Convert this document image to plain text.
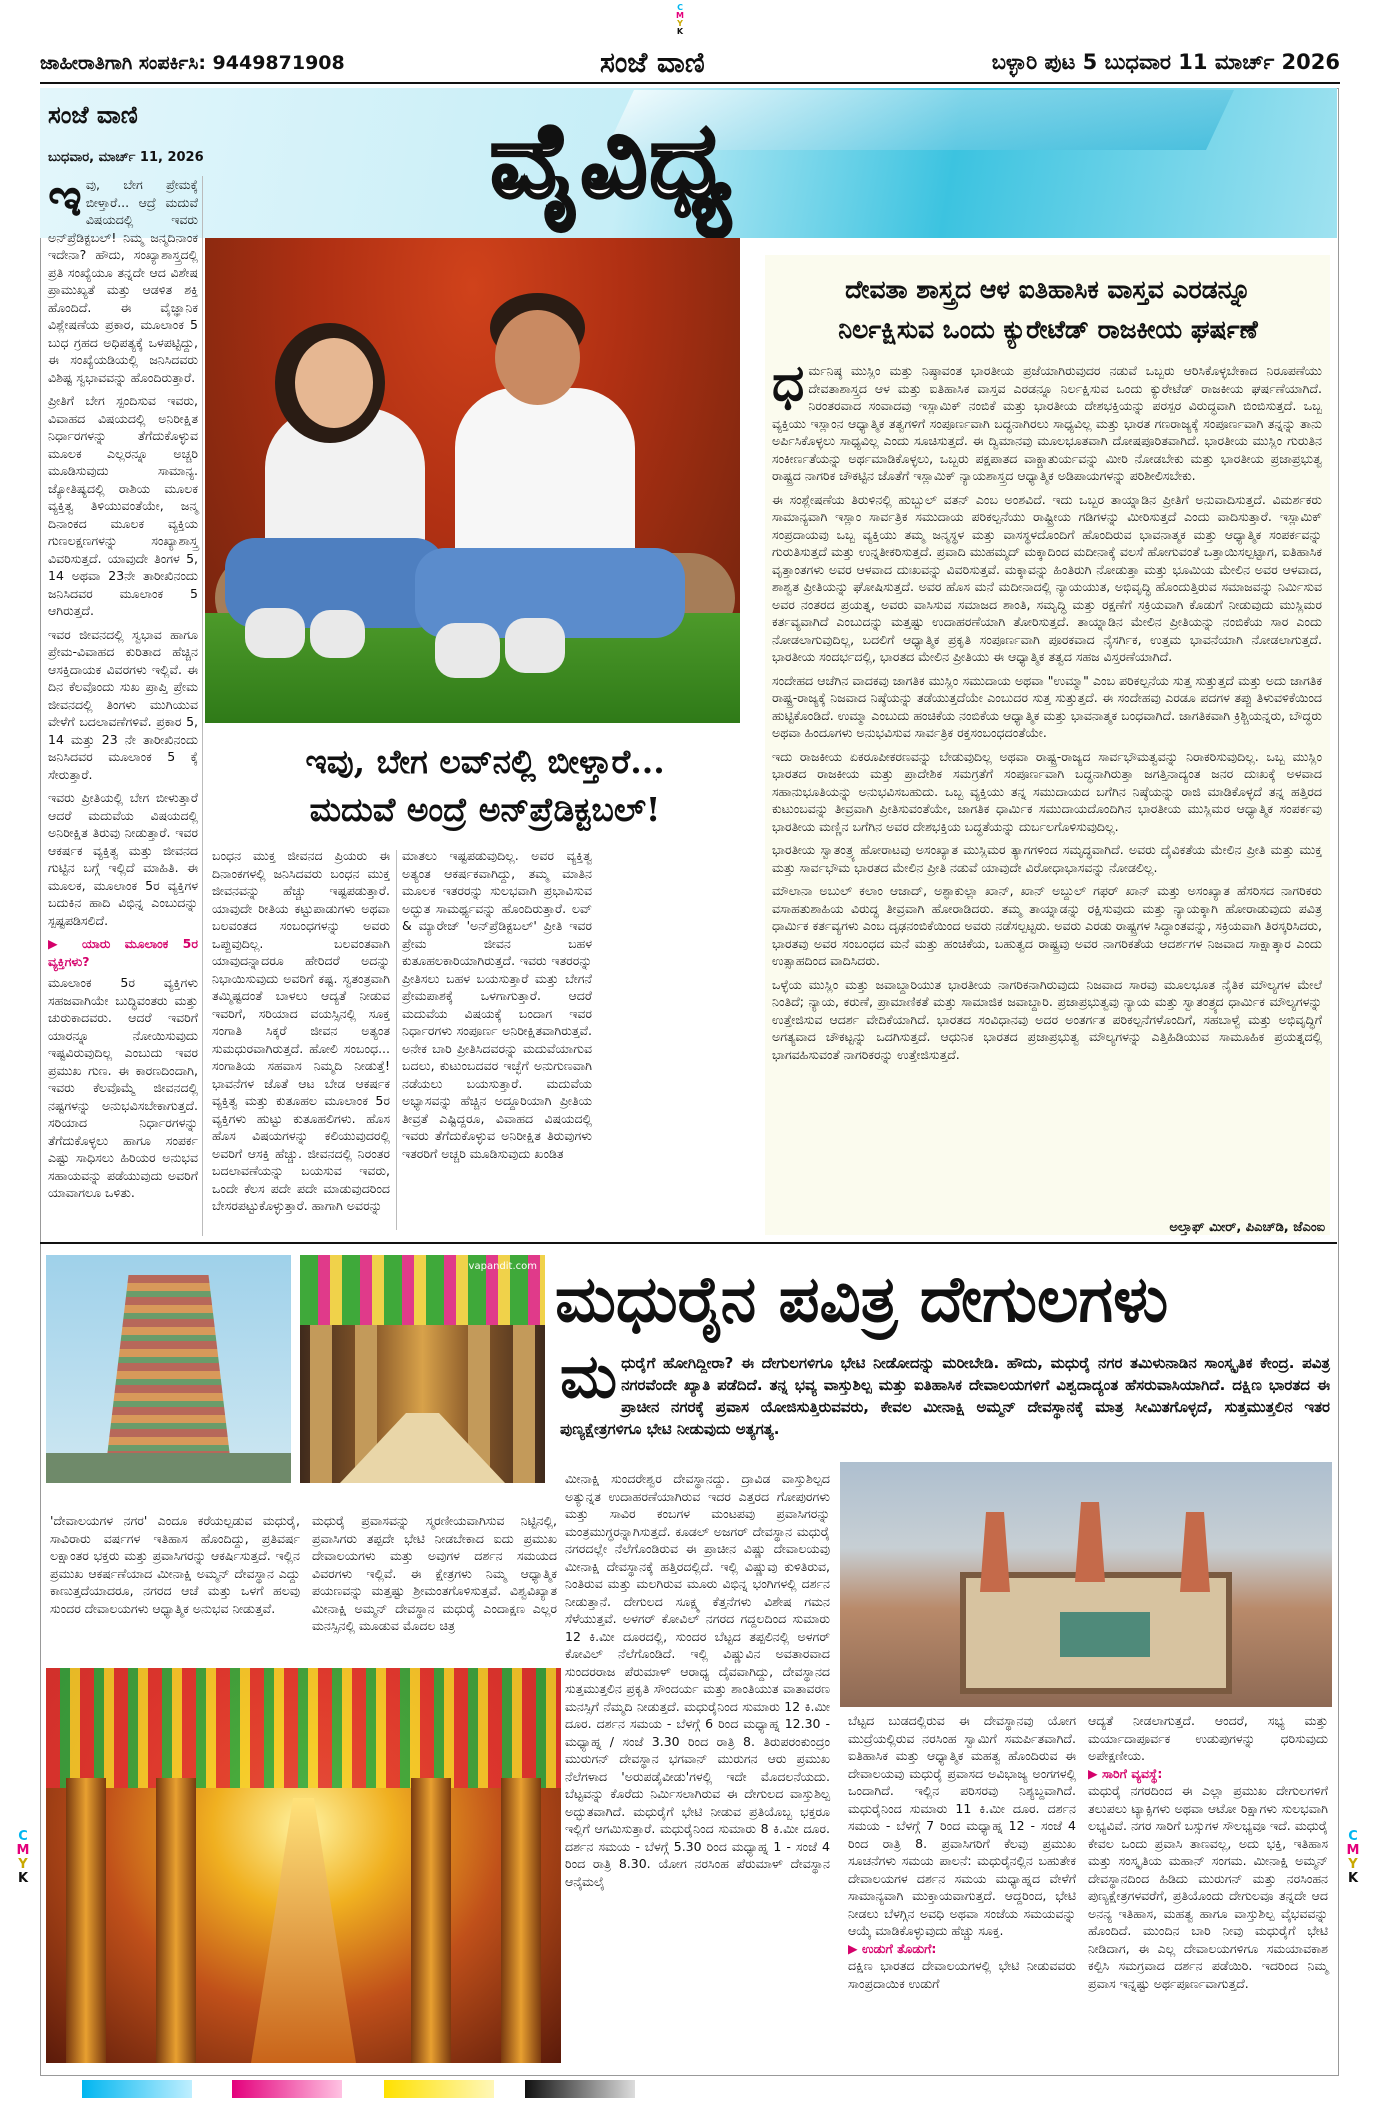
C
M
Y
K
ಜಾಹೀರಾತಿಗಾಗಿ ಸಂಪರ್ಕಿಸಿ: 9449871908	ಸಂಜೆ ವಾಣಿ	ಬಳ್ಳಾರಿ ಪುಟ 5 ಬುಧವಾರ 11 ಮಾರ್ಚ್ 2026
ಸಂಜೆ ವಾಣಿ
ಬುಧವಾರ, ಮಾರ್ಚ್ 11, 2026	ವೈವಿಧ್ಯ
ಇ ವು, ಬೇಗ ಪ್ರೇಮಕ್ಕೆ ಬೀಳ್ತಾರೆ... ಆದ್ರೆ ಮದುವೆ ವಿಷಯದಲ್ಲಿ ಇವರು ಅನ್‌ಪ್ರೆಡಿಕ್ಟಬಲ್! ನಿಮ್ಮ ಜನ್ಮದಿನಾಂಕ ಇದೇನಾ? ಹೌದು, ಸಂಖ್ಯಾಶಾಸ್ತ್ರದಲ್ಲಿ ಪ್ರತಿ ಸಂಖ್ಯೆಯೂ ತನ್ನದೇ ಆದ ವಿಶೇಷ ಪ್ರಾಮುಖ್ಯತೆ ಮತ್ತು ಆಡಳಿತ ಶಕ್ತಿ ಹೊಂದಿದೆ. ಈ ವೈಜ್ಞಾನಿಕ ವಿಶ್ಲೇಷಣೆಯ ಪ್ರಕಾರ, ಮೂಲಾಂಕ 5 ಬುಧ ಗ್ರಹದ ಅಧಿಪತ್ಯಕ್ಕೆ ಒಳಪಟ್ಟಿದ್ದು, ಈ ಸಂಖ್ಯೆಯಡಿಯಲ್ಲಿ ಜನಿಸಿದವರು ವಿಶಿಷ್ಟ ಸ್ವಭಾವವನ್ನು ಹೊಂದಿರುತ್ತಾರೆ.

ಪ್ರೀತಿಗೆ ಬೇಗ ಸ್ಪಂದಿಸುವ ಇವರು, ವಿವಾಹದ ವಿಷಯದಲ್ಲಿ ಅನಿರೀಕ್ಷಿತ ನಿರ್ಧಾರಗಳನ್ನು ತೆಗೆದುಕೊಳ್ಳುವ ಮೂಲಕ ಎಲ್ಲರನ್ನೂ ಅಚ್ಚರಿ ಮೂಡಿಸುವುದು ಸಾಮಾನ್ಯ. ಜ್ಯೋತಿಷ್ಯದಲ್ಲಿ ರಾಶಿಯ ಮೂಲಕ ವ್ಯಕ್ತಿತ್ವ ತಿಳಿಯುವಂತೆಯೇ, ಜನ್ಮ ದಿನಾಂಕದ ಮೂಲಕ ವ್ಯಕ್ತಿಯ ಗುಣಲಕ್ಷಣಗಳನ್ನು ಸಂಖ್ಯಾಶಾಸ್ತ್ರ ವಿವರಿಸುತ್ತದೆ. ಯಾವುದೇ ತಿಂಗಳ 5, 14 ಅಥವಾ 23ನೇ ತಾರೀಖಿನಂದು ಜನಿಸಿದವರ ಮೂಲಾಂಕ 5 ಆಗಿರುತ್ತದೆ.

ಇವರ ಜೀವನದಲ್ಲಿ ಸ್ವಭಾವ ಹಾಗೂ ಪ್ರೇಮ-ವಿವಾಹದ ಕುರಿತಾದ ಹೆಚ್ಚಿನ ಆಸಕ್ತಿದಾಯಕ ವಿವರಗಳು ಇಲ್ಲಿವೆ. ಈ ದಿನ ಕೆಲವೊಂದು ಸುಖ ಪ್ರಾಪ್ತಿ ಪ್ರೇಮ ಜೀವನದಲ್ಲಿ ತಿಂಗಳು ಮುಗಿಯುವ ವೇಳೆಗೆ ಬದಲಾವಣೆಗಳಿವೆ. ಪ್ರಕಾರ 5, 14 ಮತ್ತು 23 ನೇ ತಾರೀಖಿನಂದು ಜನಿಸಿದವರ ಮೂಲಾಂಕ 5 ಕ್ಕೆ ಸೇರುತ್ತಾರೆ.

ಇವರು ಪ್ರೀತಿಯಲ್ಲಿ ಬೇಗ ಬೀಳುತ್ತಾರೆ ಆದರೆ ಮದುವೆಯ ವಿಷಯದಲ್ಲಿ ಅನಿರೀಕ್ಷಿತ ತಿರುವು ನೀಡುತ್ತಾರೆ. ಇವರ ಆಕರ್ಷಕ ವ್ಯಕ್ತಿತ್ವ ಮತ್ತು ಜೀವನದ ಗುಟ್ಟಿನ ಬಗ್ಗೆ ಇಲ್ಲಿದೆ ಮಾಹಿತಿ. ಈ ಮೂಲಕ, ಮೂಲಾಂಕ 5ರ ವ್ಯಕ್ತಿಗಳ ಬದುಕಿನ ಹಾದಿ ವಿಭಿನ್ನ ಎಂಬುದನ್ನು ಸ್ಪಷ್ಟಪಡಿಸಲಿದೆ.

▶ ಯಾರು ಮೂಲಾಂಕ 5ರ ವ್ಯಕ್ತಿಗಳು?

ಮೂಲಾಂಕ 5ರ ವ್ಯಕ್ತಿಗಳು ಸಹಜವಾಗಿಯೇ ಬುದ್ಧಿವಂತರು ಮತ್ತು ಚುರುಕಾದವರು. ಆದರೆ ಇವರಿಗೆ ಯಾರನ್ನೂ ನೋಯಿಸುವುದು ಇಷ್ಟವಿರುವುದಿಲ್ಲ ಎಂಬುದು ಇವರ ಪ್ರಮುಖ ಗುಣ. ಈ ಕಾರಣದಿಂದಾಗಿ, ಇವರು ಕೆಲವೊಮ್ಮೆ ಜೀವನದಲ್ಲಿ ನಷ್ಟಗಳನ್ನು ಅನುಭವಿಸಬೇಕಾಗುತ್ತದೆ. ಸರಿಯಾದ ನಿರ್ಧಾರಗಳನ್ನು ತೆಗೆದುಕೊಳ್ಳಲು ಹಾಗೂ ಸಂಪರ್ಕ ಎಷ್ಟು ಸಾಧಿಸಲು ಹಿರಿಯರ ಅನುಭವ ಸಹಾಯವನ್ನು ಪಡೆಯುವುದು ಅವರಿಗೆ ಯಾವಾಗಲೂ ಒಳಿತು.

ಇವು, ಬೇಗ ಲವ್‌ನಲ್ಲಿ ಬೀಳ್ತಾರೆ...
ಮದುವೆ ಅಂದ್ರೆ ಅನ್‌ಪ್ರೆಡಿಕ್ಟಬಲ್!
ಬಂಧನ ಮುಕ್ತ ಜೀವನದ ಪ್ರಿಯರು ಈ ದಿನಾಂಕಗಳಲ್ಲಿ ಜನಿಸಿದವರು ಬಂಧನ ಮುಕ್ತ ಜೀವನವನ್ನು ಹೆಚ್ಚು ಇಷ್ಟಪಡುತ್ತಾರೆ. ಯಾವುದೇ ರೀತಿಯ ಕಟ್ಟುಪಾಡುಗಳು ಅಥವಾ ಬಲವಂತದ ಸಂಬಂಧಗಳನ್ನು ಅವರು ಒಪ್ಪುವುದಿಲ್ಲ. ಬಲವಂತವಾಗಿ ಯಾವುದನ್ನಾದರೂ ಹೇರಿದರೆ ಅದನ್ನು ನಿಭಾಯಿಸುವುದು ಅವರಿಗೆ ಕಷ್ಟ. ಸ್ವತಂತ್ರವಾಗಿ ತಮ್ಮಿಷ್ಟದಂತೆ ಬಾಳಲು ಆದ್ಯತೆ ನೀಡುವ ಇವರಿಗೆ, ಸರಿಯಾದ ವಯಸ್ಸಿನಲ್ಲಿ ಸೂಕ್ತ ಸಂಗಾತಿ ಸಿಕ್ಕರೆ ಜೀವನ ಅತ್ಯಂತ ಸುಮಧುರವಾಗಿರುತ್ತದೆ. ಹೋಲಿ ಸಂಬಂಧ... ಸಂಗಾತಿಯ ಸಹವಾಸ ನಿಮ್ಮದಿ ನೀಡುತ್ತೆ! ಭಾವನೆಗಳ ಜೊತೆ ಆಟ ಬೇಡ ಆಕರ್ಷಕ ವ್ಯಕ್ತಿತ್ವ ಮತ್ತು ಕುತೂಹಲ ಮೂಲಾಂಕ 5ರ ವ್ಯಕ್ತಿಗಳು ಹುಟ್ಟು ಕುತೂಹಲಿಗಳು. ಹೊಸ ಹೊಸ ವಿಷಯಗಳನ್ನು ಕಲಿಯುವುದರಲ್ಲಿ ಅವರಿಗೆ ಆಸಕ್ತಿ ಹೆಚ್ಚು. ಜೀವನದಲ್ಲಿ ನಿರಂತರ ಬದಲಾವಣೆಯನ್ನು ಬಯಸುವ ಇವರು, ಒಂದೇ ಕೆಲಸ ಪದೇ ಪದೇ ಮಾಡುವುದರಿಂದ ಬೇಸರಪಟ್ಟುಕೊಳ್ಳುತ್ತಾರೆ. ಹಾಗಾಗಿ ಅವರನ್ನು
ಮಾತಲು ಇಷ್ಟಪಡುವುದಿಲ್ಲ. ಅವರ ವ್ಯಕ್ತಿತ್ವ ಅತ್ಯಂತ ಆಕರ್ಷಕವಾಗಿದ್ದು, ತಮ್ಮ ಮಾತಿನ ಮೂಲಕ ಇತರರನ್ನು ಸುಲಭವಾಗಿ ಪ್ರಭಾವಿಸುವ ಅದ್ಭುತ ಸಾಮರ್ಥ್ಯವನ್ನು ಹೊಂದಿರುತ್ತಾರೆ. ಲವ್ & ಮ್ಯಾರೇಜ್ 'ಅನ್‌ಪ್ರೆಡಿಕ್ಟಬಲ್' ಪ್ರೀತಿ ಇವರ ಪ್ರೇಮ ಜೀವನ ಬಹಳ ಕುತೂಹಲಕಾರಿಯಾಗಿರುತ್ತದೆ. ಇವರು ಇತರರನ್ನು ಪ್ರೀತಿಸಲು ಬಹಳ ಬಯಸುತ್ತಾರೆ ಮತ್ತು ಬೇಗನೆ ಪ್ರೇಮಪಾಶಕ್ಕೆ ಒಳಗಾಗುತ್ತಾರೆ. ಆದರೆ ಮದುವೆಯ ವಿಷಯಕ್ಕೆ ಬಂದಾಗ ಇವರ ನಿರ್ಧಾರಗಳು ಸಂಪೂರ್ಣ ಅನಿರೀಕ್ಷಿತವಾಗಿರುತ್ತವೆ. ಅನೇಕ ಬಾರಿ ಪ್ರೀತಿಸಿದವರನ್ನು ಮದುವೆಯಾಗುವ ಬದಲು, ಕುಟುಂಬದವರ ಇಚ್ಛೆಗೆ ಅನುಗುಣವಾಗಿ ನಡೆಯಲು ಬಯಸುತ್ತಾರೆ. ಮದುವೆಯ ಅಭ್ಯಾಸವನ್ನು ಹೆಚ್ಚಿನ ಅದ್ದೂರಿಯಾಗಿ ಪ್ರೀತಿಯ ತೀವ್ರತೆ ಎಷ್ಟಿದ್ದರೂ, ವಿವಾಹದ ವಿಷಯದಲ್ಲಿ ಇವರು ತೆಗೆದುಕೊಳ್ಳುವ ಅನಿರೀಕ್ಷಿತ ತಿರುವುಗಳು ಇತರರಿಗೆ ಅಚ್ಚರಿ ಮೂಡಿಸುವುದು ಖಂಡಿತ
ದೇವತಾ ಶಾಸ್ತ್ರದ ಆಳ ಐತಿಹಾಸಿಕ ವಾಸ್ತವ ಎರಡನ್ನೂ
ನಿರ್ಲಕ್ಷಿಸುವ ಒಂದು ಕ್ಯುರೇಟೆಡ್ ರಾಜಕೀಯ ಘರ್ಷಣೆ

ಧರ್ಮನಿಷ್ಠ ಮುಸ್ಲಿಂ ಮತ್ತು ನಿಷ್ಠಾವಂತ ಭಾರತೀಯ ಪ್ರಜೆಯಾಗಿರುವುದರ ನಡುವೆ ಒಬ್ಬರು ಆರಿಸಿಕೊಳ್ಳಬೇಕಾದ ನಿರೂಪಣೆಯು ದೇವತಾಶಾಸ್ತ್ರದ ಆಳ ಮತ್ತು ಐತಿಹಾಸಿಕ ವಾಸ್ತವ ಎರಡನ್ನೂ ನಿರ್ಲಕ್ಷಿಸುವ ಒಂದು ಕ್ಯುರೇಟೆಡ್ ರಾಜಕೀಯ ಘರ್ಷಣೆಯಾಗಿದೆ. ನಿರಂತರವಾದ ಸಂವಾದವು ಇಸ್ಲಾಮಿಕ್ ನಂಬಿಕೆ ಮತ್ತು ಭಾರತೀಯ ದೇಶಭಕ್ತಿಯನ್ನು ಪರಸ್ಪರ ವಿರುದ್ಧವಾಗಿ ಬಿಂಬಿಸುತ್ತದೆ. ಒಬ್ಬ ವ್ಯಕ್ತಿಯು ಇಸ್ಲಾಂನ ಆಧ್ಯಾತ್ಮಿಕ ತತ್ವಗಳಿಗೆ ಸಂಪೂರ್ಣವಾಗಿ ಬದ್ಧನಾಗಿರಲು ಸಾಧ್ಯವಿಲ್ಲ ಮತ್ತು ಭಾರತ ಗಣರಾಜ್ಯಕ್ಕೆ ಸಂಪೂರ್ಣವಾಗಿ ತನ್ನನ್ನು ತಾನು ಅರ್ಪಿಸಿಕೊಳ್ಳಲು ಸಾಧ್ಯವಿಲ್ಲ ಎಂದು ಸೂಚಿಸುತ್ತದೆ. ಈ ದ್ವಿಮಾನವು ಮೂಲಭೂತವಾಗಿ ದೋಷಪೂರಿತವಾಗಿದೆ. ಭಾರತೀಯ ಮುಸ್ಲಿಂ ಗುರುತಿನ ಸಂಕೀರ್ಣತೆಯನ್ನು ಅರ್ಥಮಾಡಿಕೊಳ್ಳಲು, ಒಬ್ಬರು ಪಕ್ಷಪಾತದ ವಾಕ್ಚಾತುರ್ಯವನ್ನು ಮೀರಿ ನೋಡಬೇಕು ಮತ್ತು ಭಾರತೀಯ ಪ್ರಜಾಪ್ರಭುತ್ವ ರಾಷ್ಟ್ರದ ನಾಗರಿಕ ಚೌಕಟ್ಟಿನ ಜೊತೆಗೆ ಇಸ್ಲಾಮಿಕ್ ನ್ಯಾಯಶಾಸ್ತ್ರದ ಆಧ್ಯಾತ್ಮಿಕ ಅಡಿಪಾಯಗಳನ್ನು ಪರಿಶೀಲಿಸಬೇಕು.

ಈ ಸಂಶ್ಲೇಷಣೆಯ ತಿರುಳಿನಲ್ಲಿ ಹುಬ್ಬುಲ್ ವತನ್ ಎಂಬ ಅಂಶವಿದೆ. ಇದು ಒಬ್ಬರ ತಾಯ್ನಾಡಿನ ಪ್ರೀತಿಗೆ ಅನುವಾದಿಸುತ್ತದೆ. ವಿಮರ್ಶಕರು ಸಾಮಾನ್ಯವಾಗಿ ಇಸ್ಲಾಂ ಸಾರ್ವತ್ರಿಕ ಸಮುದಾಯ ಪರಿಕಲ್ಪನೆಯು ರಾಷ್ಟ್ರೀಯ ಗಡಿಗಳನ್ನು ಮೀರಿಸುತ್ತದೆ ಎಂದು ವಾದಿಸುತ್ತಾರೆ. ಇಸ್ಲಾಮಿಕ್ ಸಂಪ್ರದಾಯವು ಒಬ್ಬ ವ್ಯಕ್ತಿಯು ತಮ್ಮ ಜನ್ಮಸ್ಥಳ ಮತ್ತು ವಾಸಸ್ಥಳದೊಂದಿಗೆ ಹೊಂದಿರುವ ಭಾವನಾತ್ಮಕ ಮತ್ತು ಆಧ್ಯಾತ್ಮಿಕ ಸಂಪರ್ಕವನ್ನು ಗುರುತಿಸುತ್ತದೆ ಮತ್ತು ಉನ್ನತೀಕರಿಸುತ್ತದೆ. ಪ್ರವಾದಿ ಮುಹಮ್ಮದ್ ಮಕ್ಕಾದಿಂದ ಮದೀನಾಕ್ಕೆ ವಲಸೆ ಹೋಗುವಂತೆ ಒತ್ತಾಯಿಸಲ್ಪಟ್ಟಾಗ, ಐತಿಹಾಸಿಕ ವೃತ್ತಾಂತಗಳು ಅವರ ಆಳವಾದ ದುಃಖವನ್ನು ವಿವರಿಸುತ್ತವೆ. ಮಕ್ಕಾವನ್ನು ಹಿಂತಿರುಗಿ ನೋಡುತ್ತಾ ಮತ್ತು ಭೂಮಿಯ ಮೇಲಿನ ಅವರ ಆಳವಾದ, ಶಾಶ್ವತ ಪ್ರೀತಿಯನ್ನು ಘೋಷಿಸುತ್ತದೆ. ಅವರ ಹೊಸ ಮನೆ ಮದೀನಾದಲ್ಲಿ ನ್ಯಾಯಯುತ, ಅಭಿವೃದ್ಧಿ ಹೊಂದುತ್ತಿರುವ ಸಮಾಜವನ್ನು ನಿರ್ಮಿಸುವ ಅವರ ನಂತರದ ಪ್ರಯತ್ನ, ಅವರು ವಾಸಿಸುವ ಸಮಾಜದ ಶಾಂತಿ, ಸಮೃದ್ಧಿ ಮತ್ತು ರಕ್ಷಣೆಗೆ ಸಕ್ರಿಯವಾಗಿ ಕೊಡುಗೆ ನೀಡುವುದು ಮುಸ್ಲಿಮರ ಕರ್ತವ್ಯವಾಗಿದೆ ಎಂಬುದನ್ನು ಮತ್ತಷ್ಟು ಉದಾಹರಣೆಯಾಗಿ ತೋರಿಸುತ್ತದೆ. ತಾಯ್ನಾಡಿನ ಮೇಲಿನ ಪ್ರೀತಿಯನ್ನು ನಂಬಿಕೆಯ ಸಾರ ಎಂದು ನೋಡಲಾಗುವುದಿಲ್ಲ, ಬದಲಿಗೆ ಆಧ್ಯಾತ್ಮಿಕ ಪ್ರಕೃತಿ ಸಂಪೂರ್ಣವಾಗಿ ಪೂರಕವಾದ ನೈಸರ್ಗಿಕ, ಉತ್ತಮ ಭಾವನೆಯಾಗಿ ನೋಡಲಾಗುತ್ತದೆ. ಭಾರತೀಯ ಸಂದರ್ಭದಲ್ಲಿ, ಭಾರತದ ಮೇಲಿನ ಪ್ರೀತಿಯು ಈ ಆಧ್ಯಾತ್ಮಿಕ ತತ್ವದ ಸಹಜ ವಿಸ್ತರಣೆಯಾಗಿದೆ.

ಸಂದೇಹದ ಆಚೆಗಿನ ವಾದಕವು ಜಾಗತಿಕ ಮುಸ್ಲಿಂ ಸಮುದಾಯ ಅಥವಾ "ಉಮ್ಮಾ" ಎಂಬ ಪರಿಕಲ್ಪನೆಯ ಸುತ್ತ ಸುತ್ತುತ್ತದೆ ಮತ್ತು ಅದು ಜಾಗತಿಕ ರಾಷ್ಟ್ರ-ರಾಜ್ಯಕ್ಕೆ ನಿಜವಾದ ನಿಷ್ಠೆಯನ್ನು ತಡೆಯುತ್ತದೆಯೇ ಎಂಬುದರ ಸುತ್ತ ಸುತ್ತುತ್ತದೆ. ಈ ಸಂದೇಹವು ಎರಡೂ ಪದಗಳ ತಪ್ಪು ತಿಳುವಳಿಕೆಯಿಂದ ಹುಟ್ಟಿಕೊಂಡಿದೆ. ಉಮ್ಮಾ ಎಂಬುದು ಹಂಚಿಕೆಯ ನಂಬಿಕೆಯ ಆಧ್ಯಾತ್ಮಿಕ ಮತ್ತು ಭಾವನಾತ್ಮಕ ಬಂಧವಾಗಿದೆ. ಜಾಗತಿಕವಾಗಿ ಕ್ರಿಶ್ಚಿಯನ್ನರು, ಬೌದ್ಧರು ಅಥವಾ ಹಿಂದೂಗಳು ಅನುಭವಿಸುವ ಸಾರ್ವತ್ರಿಕ ರಕ್ತಸಂಬಂಧದಂತೆಯೇ.

ಇದು ರಾಜಕೀಯ ಏಕರೂಪೀಕರಣವನ್ನು ಬೇಡುವುದಿಲ್ಲ ಅಥವಾ ರಾಷ್ಟ್ರ-ರಾಜ್ಯದ ಸಾರ್ವಭೌಮತ್ವವನ್ನು ನಿರಾಕರಿಸುವುದಿಲ್ಲ. ಒಬ್ಬ ಮುಸ್ಲಿಂ ಭಾರತದ ರಾಜಕೀಯ ಮತ್ತು ಪ್ರಾದೇಶಿಕ ಸಮಗ್ರತೆಗೆ ಸಂಪೂರ್ಣವಾಗಿ ಬದ್ಧನಾಗಿರುತ್ತಾ ಜಗತ್ತಿನಾದ್ಯಂತ ಜನರ ದುಃಖಕ್ಕೆ ಅಳವಾದ ಸಹಾನುಭೂತಿಯನ್ನು ಅನುಭವಿಸಬಹುದು. ಒಬ್ಬ ವ್ಯಕ್ತಿಯು ತನ್ನ ಸಮುದಾಯದ ಬಗೆಗಿನ ನಿಷ್ಠೆಯನ್ನು ರಾಜಿ ಮಾಡಿಕೊಳ್ಳದೆ ತನ್ನ ಹತ್ತಿರದ ಕುಟುಂಬವನ್ನು ತೀವ್ರವಾಗಿ ಪ್ರೀತಿಸುವಂತೆಯೇ, ಜಾಗತಿಕ ಧಾರ್ಮಿಕ ಸಮುದಾಯದೊಂದಿಗಿನ ಭಾರತೀಯ ಮುಸ್ಲಿಮರ ಆಧ್ಯಾತ್ಮಿಕ ಸಂಪರ್ಕವು ಭಾರತೀಯ ಮಣ್ಣಿನ ಬಗೆಗಿನ ಅವರ ದೇಶಭಕ್ತಿಯ ಬದ್ಧತೆಯನ್ನು ದುರ್ಬಲಗೊಳಿಸುವುದಿಲ್ಲ.

ಭಾರತೀಯ ಸ್ವಾತಂತ್ರ್ಯ ಹೋರಾಟವು ಅಸಂಖ್ಯಾತ ಮುಸ್ಲಿಮರ ತ್ಯಾಗಗಳಿಂದ ಸಮೃದ್ಧವಾಗಿದೆ. ಅವರು ದೈವಿಕತೆಯ ಮೇಲಿನ ಪ್ರೀತಿ ಮತ್ತು ಮುಕ್ತ ಮತ್ತು ಸಾರ್ವಭೌಮ ಭಾರತದ ಮೇಲಿನ ಪ್ರೀತಿ ನಡುವೆ ಯಾವುದೇ ವಿರೋಧಾಭಾಸವನ್ನು ನೋಡಲಿಲ್ಲ.

ಮೌಲಾನಾ ಅಬುಲ್ ಕಲಾಂ ಆಜಾದ್, ಅಶ್ಫಾಕುಲ್ಲಾ ಖಾನ್, ಖಾನ್ ಅಬ್ದುಲ್ ಗಫರ್ ಖಾನ್ ಮತ್ತು ಅಸಂಖ್ಯಾತ ಹೆಸರಿಸದ ನಾಗರಿಕರು ವಸಾಹತುಶಾಹಿಯ ವಿರುದ್ಧ ತೀವ್ರವಾಗಿ ಹೋರಾಡಿದರು. ತಮ್ಮ ತಾಯ್ನಾಡನ್ನು ರಕ್ಷಿಸುವುದು ಮತ್ತು ನ್ಯಾಯಕ್ಕಾಗಿ ಹೋರಾಡುವುದು ಪವಿತ್ರ ಧಾರ್ಮಿಕ ಕರ್ತವ್ಯಗಳು ಎಂಬ ದೃಢನಂಬಿಕೆಯಿಂದ ಅವರು ನಡೆಸಲ್ಪಟ್ಟರು. ಅವರು ಎರಡು ರಾಷ್ಟ್ರಗಳ ಸಿದ್ಧಾಂತವನ್ನು, ಸಕ್ರಿಯವಾಗಿ ತಿರಸ್ಕರಿಸಿದರು, ಭಾರತವು ಅವರ ಸಂಬಂಧದ ಮನೆ ಮತ್ತು ಹಂಚಿಕೆಯ, ಬಹುತ್ವದ ರಾಷ್ಟ್ರವು ಅವರ ನಾಗರಿಕತೆಯ ಆದರ್ಶಗಳ ನಿಜವಾದ ಸಾಕ್ಷಾತ್ಕಾರ ಎಂದು ಉತ್ಸಾಹದಿಂದ ವಾದಿಸಿದರು.

ಒಳ್ಳೆಯ ಮುಸ್ಲಿಂ ಮತ್ತು ಜವಾಬ್ದಾರಿಯುತ ಭಾರತೀಯ ನಾಗರಿಕನಾಗಿರುವುದು ನಿಜವಾದ ಸಾರವು ಮೂಲಭೂತ ನೈತಿಕ ಮೌಲ್ಯಗಳ ಮೇಲೆ ನಿಂತಿದೆ; ನ್ಯಾಯ, ಕರುಣೆ, ಪ್ರಾಮಾಣಿಕತೆ ಮತ್ತು ಸಾಮಾಜಿಕ ಜವಾಬ್ದಾರಿ. ಪ್ರಜಾಪ್ರಭುತ್ವವು ನ್ಯಾಯ ಮತ್ತು ಸ್ವಾತಂತ್ರ್ಯದ ಧಾರ್ಮಿಕ ಮೌಲ್ಯಗಳನ್ನು ಉತ್ತೇಜಿಸುವ ಆದರ್ಶ ವೇದಿಕೆಯಾಗಿದೆ. ಭಾರತದ ಸಂವಿಧಾನವು ಅದರ ಅಂತರ್ಗತ ಪರಿಕಲ್ಪನೆಗಳೊಂದಿಗೆ, ಸಹಬಾಳ್ವೆ ಮತ್ತು ಅಭಿವೃದ್ಧಿಗೆ ಅಗತ್ಯವಾದ ಚೌಕಟ್ಟನ್ನು ಒದಗಿಸುತ್ತದೆ. ಆಧುನಿಕ ಭಾರತದ ಪ್ರಜಾಪ್ರಭುತ್ವ ಮೌಲ್ಯಗಳನ್ನು ಎತ್ತಿಹಿಡಿಯುವ ಸಾಮೂಹಿಕ ಪ್ರಯತ್ನದಲ್ಲಿ ಭಾಗವಹಿಸುವಂತೆ ನಾಗರಿಕರನ್ನು ಉತ್ತೇಜಿಸುತ್ತದೆ.

ಅಲ್ತಾಫ್ ಮೀರ್, ಪಿಎಚ್‌ಡಿ, ಜೆಎಂಐ
vapandit.com ಮಧುರೈನ ಪವಿತ್ರ ದೇಗುಲಗಳು
ಮ ಧುರೈಗೆ ಹೋಗಿದ್ದೀರಾ? ಈ ದೇಗುಲಗಳಿಗೂ ಭೇಟಿ ನೀಡೋದನ್ನು ಮರೀಬೇಡಿ. ಹೌದು, ಮಧುರೈ ನಗರ ತಮಿಳುನಾಡಿನ ಸಾಂಸ್ಕೃತಿಕ ಕೇಂದ್ರ. ಪವಿತ್ರ ನಗರವೆಂದೇ ಖ್ಯಾತಿ ಪಡೆದಿದೆ. ತನ್ನ ಭವ್ಯ ವಾಸ್ತುಶಿಲ್ಪ ಮತ್ತು ಐತಿಹಾಸಿಕ ದೇವಾಲಯಗಳಿಗೆ ವಿಶ್ವದಾದ್ಯಂತ ಹೆಸರುವಾಸಿಯಾಗಿದೆ. ದಕ್ಷಿಣ ಭಾರತದ ಈ ಪ್ರಾಚೀನ ನಗರಕ್ಕೆ ಪ್ರವಾಸ ಯೋಜಿಸುತ್ತಿರುವವರು, ಕೇವಲ ಮೀನಾಕ್ಷಿ ಅಮ್ಮನ್ ದೇವಸ್ಥಾನಕ್ಕೆ ಮಾತ್ರ ಸೀಮಿತಗೊಳ್ಳದೆ, ಸುತ್ತಮುತ್ತಲಿನ ಇತರ ಪುಣ್ಯಕ್ಷೇತ್ರಗಳಿಗೂ ಭೇಟಿ ನೀಡುವುದು ಅತ್ಯಗತ್ಯ.
'ದೇವಾಲಯಗಳ ನಗರ' ಎಂದೂ ಕರೆಯಲ್ಪಡುವ ಮಧುರೈ, ಸಾವಿರಾರು ವರ್ಷಗಳ ಇತಿಹಾಸ ಹೊಂದಿದ್ದು, ಪ್ರತಿವರ್ಷ ಲಕ್ಷಾಂತರ ಭಕ್ತರು ಮತ್ತು ಪ್ರವಾಸಿಗರನ್ನು ಆಕರ್ಷಿಸುತ್ತದೆ. ಇಲ್ಲಿನ ಪ್ರಮುಖ ಆಕರ್ಷಣೆಯಾದ ಮೀನಾಕ್ಷಿ ಅಮ್ಮನ್ ದೇವಸ್ಥಾನ ಎದ್ದು ಕಾಣುತ್ತದೆಯಾದರೂ, ನಗರದ ಆಚೆ ಮತ್ತು ಒಳಗೆ ಹಲವು ಸುಂದರ ದೇವಾಲಯಗಳು ಆಧ್ಯಾತ್ಮಿಕ ಅನುಭವ ನೀಡುತ್ತವೆ.
ಮಧುರೈ ಪ್ರವಾಸವನ್ನು ಸ್ಮರಣೀಯವಾಗಿಸುವ ನಿಟ್ಟಿನಲ್ಲಿ, ಪ್ರವಾಸಿಗರು ತಪ್ಪದೇ ಭೇಟಿ ನೀಡಬೇಕಾದ ಐದು ಪ್ರಮುಖ ದೇವಾಲಯಗಳು ಮತ್ತು ಅವುಗಳ ದರ್ಶನ ಸಮಯದ ವಿವರಗಳು ಇಲ್ಲಿವೆ. ಈ ಕ್ಷೇತ್ರಗಳು ನಿಮ್ಮ ಆಧ್ಯಾತ್ಮಿಕ ಪಯಣವನ್ನು ಮತ್ತಷ್ಟು ಶ್ರೀಮಂತಗೊಳಿಸುತ್ತವೆ. ವಿಶ್ವವಿಖ್ಯಾತ ಮೀನಾಕ್ಷಿ ಅಮ್ಮನ್ ದೇವಸ್ಥಾನ ಮಧುರೈ ಎಂದಾಕ್ಷಣ ಎಲ್ಲರ ಮನಸ್ಸಿನಲ್ಲಿ ಮೂಡುವ ಮೊದಲ ಚಿತ್ರ
ಮೀನಾಕ್ಷಿ ಸುಂದರೇಶ್ವರ ದೇವಸ್ಥಾನದ್ದು. ದ್ರಾವಿಡ ವಾಸ್ತುಶಿಲ್ಪದ ಅತ್ಯುನ್ನತ ಉದಾಹರಣೆಯಾಗಿರುವ ಇದರ ಎತ್ತರದ ಗೋಪುರಗಳು ಮತ್ತು ಸಾವಿರ ಕಂಬಗಳ ಮಂಟಪವು ಪ್ರವಾಸಿಗರನ್ನು ಮಂತ್ರಮುಗ್ಧರನ್ನಾಗಿಸುತ್ತದೆ. ಕೂಡಲ್ ಅಜಗರ್ ದೇವಸ್ಥಾನ ಮಧುರೈ ನಗರದಲ್ಲೇ ನೆಲೆಗೊಂಡಿರುವ ಈ ಪ್ರಾಚೀನ ವಿಷ್ಣು ದೇವಾಲಯವು ಮೀನಾಕ್ಷಿ ದೇವಸ್ಥಾನಕ್ಕೆ ಹತ್ತಿರದಲ್ಲಿದೆ. ಇಲ್ಲಿ ವಿಷ್ಣುವು ಕುಳಿತಿರುವ, ನಿಂತಿರುವ ಮತ್ತು ಮಲಗಿರುವ ಮೂರು ವಿಭಿನ್ನ ಭಂಗಿಗಳಲ್ಲಿ ದರ್ಶನ ನೀಡುತ್ತಾನೆ. ದೇಗುಲದ ಸೂಕ್ಷ್ಮ ಕೆತ್ತನೆಗಳು ವಿಶೇಷ ಗಮನ ಸೆಳೆಯುತ್ತವೆ. ಅಳಗರ್ ಕೋವಿಲ್ ನಗರದ ಗದ್ದಲದಿಂದ ಸುಮಾರು 12 ಕಿ.ಮೀ ದೂರದಲ್ಲಿ, ಸುಂದರ ಬೆಟ್ಟದ ತಪ್ಪಲಿನಲ್ಲಿ ಅಳಗರ್ ಕೋವಿಲ್ ನೆಲೆಗೊಂಡಿದೆ. ಇಲ್ಲಿ ವಿಷ್ಣುವಿನ ಅವತಾರವಾದ ಸುಂದರರಾಜ ಪೆರುಮಾಳ್ ಆರಾಧ್ಯ ದೈವವಾಗಿದ್ದು, ದೇವಸ್ಥಾನದ ಸುತ್ತಮುತ್ತಲಿನ ಪ್ರಕೃತಿ ಸೌಂದರ್ಯ ಮತ್ತು ಶಾಂತಿಯುತ ವಾತಾವರಣ ಮನಸ್ಸಿಗೆ ನೆಮ್ಮದಿ ನೀಡುತ್ತದೆ. ಮಧುರೈನಿಂದ ಸುಮಾರು 12 ಕಿ.ಮೀ ದೂರ. ದರ್ಶನ ಸಮಯ - ಬೆಳಗ್ಗೆ 6 ರಿಂದ ಮಧ್ಯಾಹ್ನ 12.30 - ಮಧ್ಯಾಹ್ನ / ಸಂಜೆ 3.30 ರಿಂದ ರಾತ್ರಿ 8. ತಿರುಪರಂಕುಂದ್ರಂ ಮುರುಗನ್ ದೇವಸ್ಥಾನ ಭಗವಾನ್ ಮುರುಗನ ಆರು ಪ್ರಮುಖ ನೆಲೆಗಳಾದ 'ಅರುಪಡೈವೀಡು'ಗಳಲ್ಲಿ ಇದೇ ಮೊದಲನೆಯದು. ಬೆಟ್ಟವನ್ನು ಕೊರೆದು ನಿರ್ಮಿಸಲಾಗಿರುವ ಈ ದೇಗುಲದ ವಾಸ್ತುಶಿಲ್ಪ ಅದ್ಭುತವಾಗಿದೆ. ಮಧುರೈಗೆ ಭೇಟಿ ನೀಡುವ ಪ್ರತಿಯೊಬ್ಬ ಭಕ್ತರೂ ಇಲ್ಲಿಗೆ ಆಗಮಿಸುತ್ತಾರೆ. ಮಧುರೈನಿಂದ ಸುಮಾರು 8 ಕಿ.ಮೀ ದೂರ. ದರ್ಶನ ಸಮಯ - ಬೆಳಗ್ಗೆ 5.30 ರಿಂದ ಮಧ್ಯಾಹ್ನ 1 - ಸಂಜೆ 4 ರಿಂದ ರಾತ್ರಿ 8.30. ಯೋಗ ನರಸಿಂಹ ಪೆರುಮಾಳ್ ದೇವಸ್ಥಾನ ಆನೈಮಲೈ
ಬೆಟ್ಟದ ಬುಡದಲ್ಲಿರುವ ಈ ದೇವಸ್ಥಾನವು ಯೋಗ ಮುದ್ರೆಯಲ್ಲಿರುವ ನರಸಿಂಹ ಸ್ವಾಮಿಗೆ ಸಮರ್ಪಿತವಾಗಿದೆ. ಐತಿಹಾಸಿಕ ಮತ್ತು ಆಧ್ಯಾತ್ಮಿಕ ಮಹತ್ವ ಹೊಂದಿರುವ ಈ ದೇವಾಲಯವು ಮಧುರೈ ಪ್ರವಾಸದ ಅವಿಭಾಜ್ಯ ಅಂಗಗಳಲ್ಲಿ ಒಂದಾಗಿದೆ. ಇಲ್ಲಿನ ಪರಿಸರವು ನಿಶ್ಯಬ್ದವಾಗಿದೆ. ಮಧುರೈನಿಂದ ಸುಮಾರು 11 ಕಿ.ಮೀ ದೂರ. ದರ್ಶನ ಸಮಯ - ಬೆಳಗ್ಗೆ 7 ರಿಂದ ಮಧ್ಯಾಹ್ನ 12 - ಸಂಜೆ 4 ರಿಂದ ರಾತ್ರಿ 8. ಪ್ರವಾಸಿಗರಿಗೆ ಕೆಲವು ಪ್ರಮುಖ ಸೂಚನೆಗಳು ಸಮಯ ಪಾಲನೆ: ಮಧುರೈನಲ್ಲಿನ ಬಹುತೇಕ ದೇವಾಲಯಗಳ ದರ್ಶನ ಸಮಯ ಮಧ್ಯಾಹ್ನದ ವೇಳೆಗೆ ಸಾಮಾನ್ಯವಾಗಿ ಮುಕ್ತಾಯವಾಗುತ್ತದೆ. ಆದ್ದರಿಂದ, ಭೇಟಿ ನೀಡಲು ಬೆಳಗ್ಗಿನ ಅವಧಿ ಅಥವಾ ಸಂಜೆಯ ಸಮಯವನ್ನು ಆಯ್ಕೆ ಮಾಡಿಕೊಳ್ಳುವುದು ಹೆಚ್ಚು ಸೂಕ್ತ.
▶ ಉಡುಗೆ ತೊಡುಗೆ:
ದಕ್ಷಿಣ ಭಾರತದ ದೇವಾಲಯಗಳಲ್ಲಿ ಭೇಟಿ ನೀಡುವವರು ಸಾಂಪ್ರದಾಯಿಕ ಉಡುಗೆ
ಆದ್ಯತೆ ನೀಡಲಾಗುತ್ತದೆ. ಆಂದರೆ, ಸಭ್ಯ ಮತ್ತು ಮರ್ಯಾದಾಪೂರ್ವಕ ಉಡುಪುಗಳನ್ನು ಧರಿಸುವುದು ಅಪೇಕ್ಷಣೀಯ.
▶ ಸಾರಿಗೆ ವ್ಯವಸ್ಥೆ:
ಮಧುರೈ ನಗರದಿಂದ ಈ ಎಲ್ಲಾ ಪ್ರಮುಖ ದೇಗುಲಗಳಿಗೆ ತಲುಪಲು ಟ್ಯಾಕ್ಸಿಗಳು ಅಥವಾ ಆಟೋ ರಿಕ್ಷಾಗಳು ಸುಲಭವಾಗಿ ಲಭ್ಯವಿವೆ. ನಗರ ಸಾರಿಗೆ ಬಸ್ಸುಗಳ ಸೌಲಭ್ಯವೂ ಇದೆ. ಮಧುರೈ ಕೇವಲ ಒಂದು ಪ್ರವಾಸಿ ತಾಣವಲ್ಲ, ಅದು ಭಕ್ತಿ, ಇತಿಹಾಸ ಮತ್ತು ಸಂಸ್ಕೃತಿಯ ಮಹಾನ್ ಸಂಗಮ. ಮೀನಾಕ್ಷಿ ಅಮ್ಮನ್ ದೇವಸ್ಥಾನದಿಂದ ಹಿಡಿದು ಮುರುಗನ್ ಮತ್ತು ನರಸಿಂಹನ ಪುಣ್ಯಕ್ಷೇತ್ರಗಳವರೆಗೆ, ಪ್ರತಿಯೊಂದು ದೇಗುಲವೂ ತನ್ನದೇ ಆದ ಅನನ್ಯ ಇತಿಹಾಸ, ಮಹತ್ವ ಹಾಗೂ ವಾಸ್ತುಶಿಲ್ಪ ವೈಭವವನ್ನು ಹೊಂದಿದೆ. ಮುಂದಿನ ಬಾರಿ ನೀವು ಮಧುರೈಗೆ ಭೇಟಿ ನೀಡಿದಾಗ, ಈ ಎಲ್ಲ ದೇವಾಲಯಗಳಿಗೂ ಸಮಯಾವಕಾಶ ಕಲ್ಪಿಸಿ ಸಮಗ್ರವಾದ ದರ್ಶನ ಪಡೆಯಿರಿ. ಇದರಿಂದ ನಿಮ್ಮ ಪ್ರವಾಸ ಇನ್ನಷ್ಟು ಅರ್ಥಪೂರ್ಣವಾಗುತ್ತದೆ.
C
M
Y
K
C
M
Y
K
